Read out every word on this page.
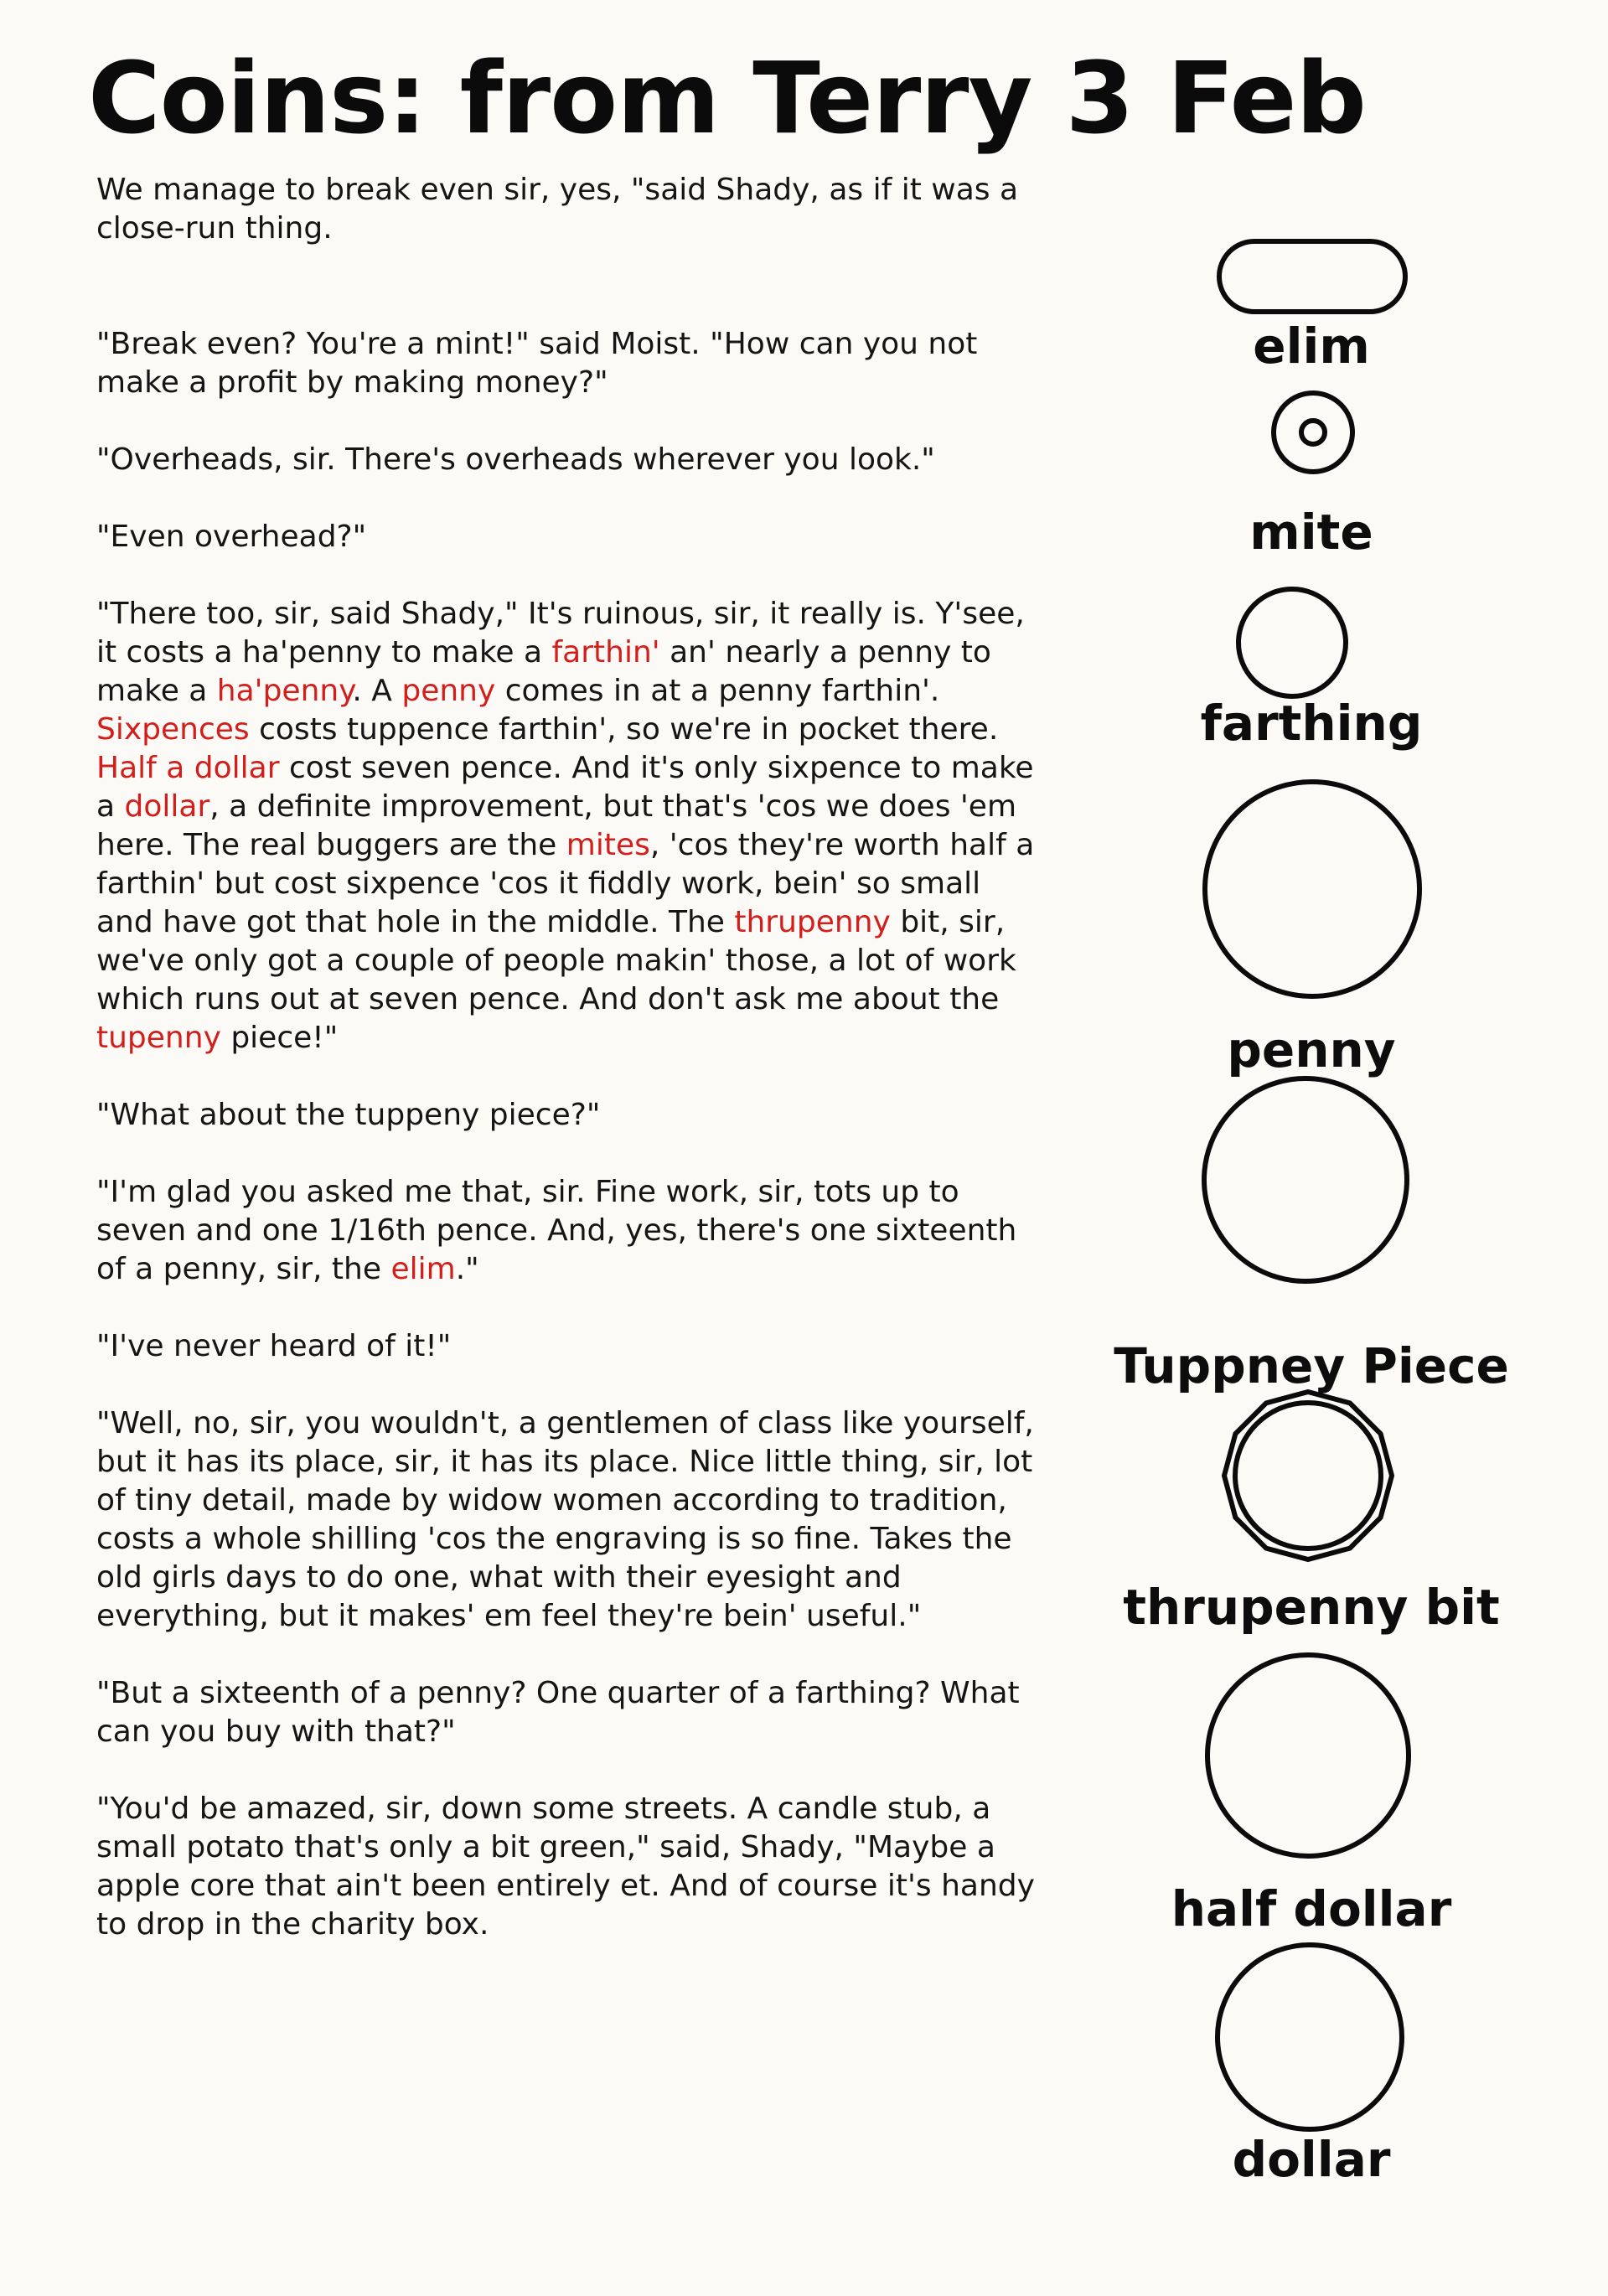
Coins: from Terry 3 Feb

We manage to break even sir, yes, "said Shady, as if it was a close-run thing.

"Break even? You're a mint!" said Moist. "How can you not make a profit by making money?"

"Overheads, sir. There's overheads wherever you look."

"Even overhead?"

"There too, sir, said Shady," It's ruinous, sir, it really is. Y'see, it costs a ha'penny to make a farthin' an' nearly a penny to make a ha'penny. A penny comes in at a penny farthin'. Sixpences costs tuppence farthin', so we're in pocket there. Half a dollar cost seven pence. And it's only sixpence to make a dollar, a definite improvement, but that's 'cos we does 'em here. The real buggers are the mites, 'cos they're worth half a farthin' but cost sixpence 'cos it fiddly work, bein' so small and have got that hole in the middle. The thrupenny bit, sir, we've only got a couple of people makin' those, a lot of work which runs out at seven pence. And don't ask me about the tupenny piece!"

"What about the tuppeny piece?"

"I'm glad you asked me that, sir. Fine work, sir, tots up to seven and one 1/16th pence. And, yes, there's one sixteenth of a penny, sir, the elim."

"I've never heard of it!"

"Well, no, sir, you wouldn't, a gentlemen of class like yourself, but it has its place, sir, it has its place. Nice little thing, sir, lot of tiny detail, made by widow women according to tradition, costs a whole shilling 'cos the engraving is so fine. Takes the old girls days to do one, what with their eyesight and everything, but it makes' em feel they're bein' useful."

"But a sixteenth of a penny? One quarter of a farthing? What can you buy with that?"

"You'd be amazed, sir, down some streets. A candle stub, a small potato that's only a bit green," said, Shady, "Maybe a apple core that ain't been entirely et. And of course it's handy to drop in the charity box.

elim
mite
farthing
penny
Tuppney Piece
thrupenny bit
half dollar
dollar
